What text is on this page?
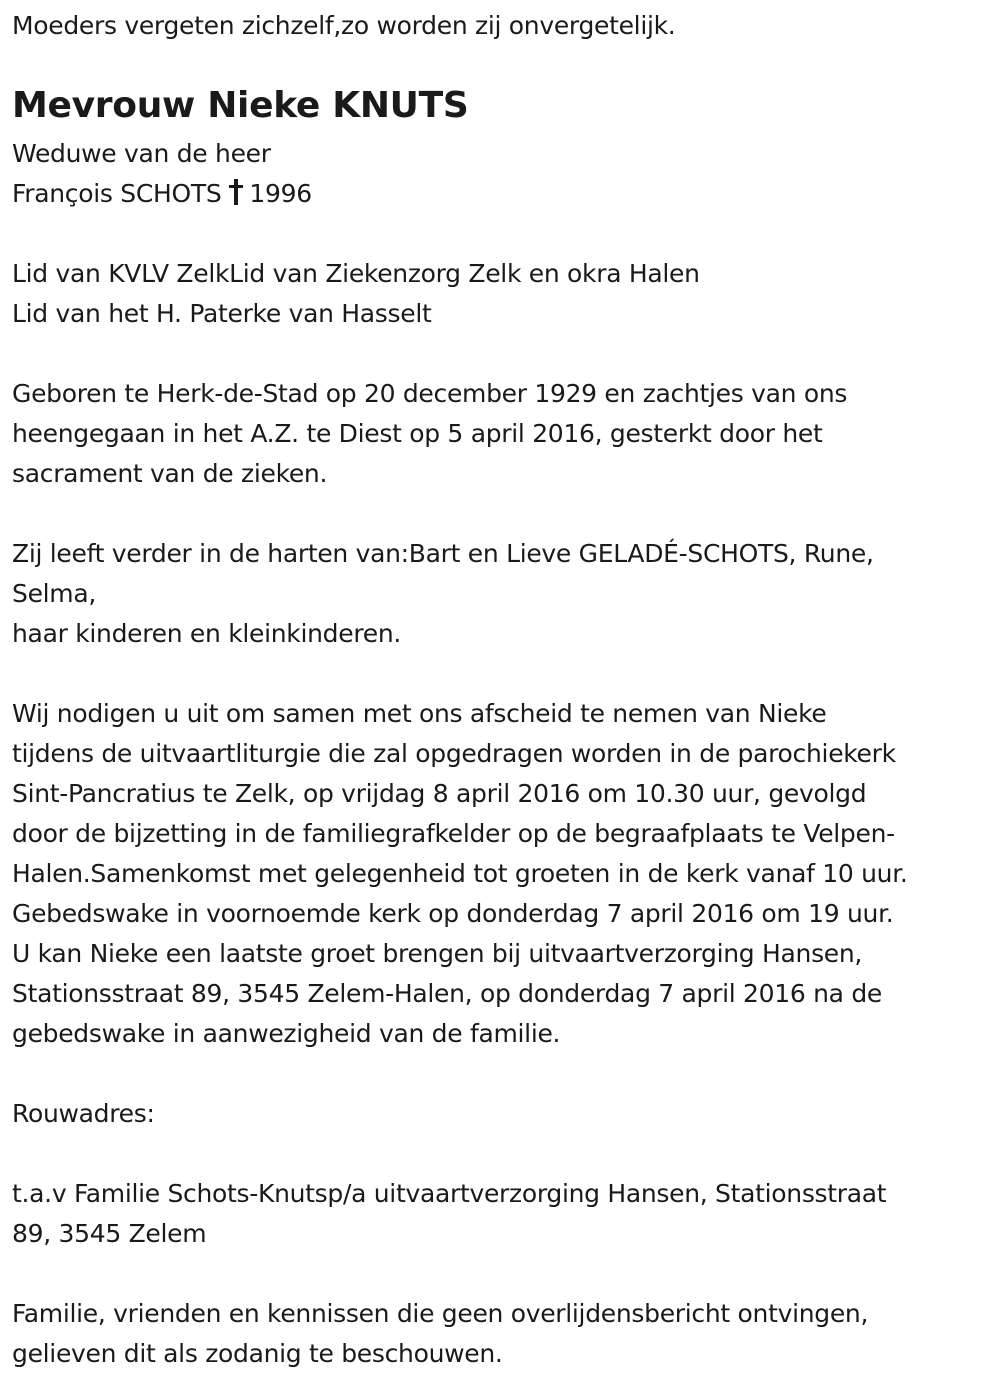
Moeders vergeten zichzelf,zo worden zij onvergetelijk.

Mevrouw Nieke KNUTS

Weduwe van de heer

François SCHOTS 1996

Lid van KVLV ZelkLid van Ziekenzorg Zelk en okra Halen

Lid van het H. Paterke van Hasselt

Geboren te Herk-de-Stad op 20 december 1929 en zachtjes van ons

heengegaan in het A.Z. te Diest op 5 april 2016, gesterkt door het

sacrament van de zieken.

Zij leeft verder in de harten van:Bart en Lieve GELADÉ-SCHOTS, Rune,

Selma,

haar kinderen en kleinkinderen.

Wij nodigen u uit om samen met ons afscheid te nemen van Nieke

tijdens de uitvaartliturgie die zal opgedragen worden in de parochiekerk

Sint-Pancratius te Zelk, op vrijdag 8 april 2016 om 10.30 uur, gevolgd

door de bijzetting in de familiegrafkelder op de begraafplaats te Velpen-

Halen.Samenkomst met gelegenheid tot groeten in de kerk vanaf 10 uur.

Gebedswake in voornoemde kerk op donderdag 7 april 2016 om 19 uur.

U kan Nieke een laatste groet brengen bij uitvaartverzorging Hansen,

Stationsstraat 89, 3545 Zelem-Halen, op donderdag 7 april 2016 na de

gebedswake in aanwezigheid van de familie.

Rouwadres:

t.a.v Familie Schots-Knutsp/a uitvaartverzorging Hansen, Stationsstraat

89, 3545 Zelem

Familie, vrienden en kennissen die geen overlijdensbericht ontvingen,

gelieven dit als zodanig te beschouwen.
